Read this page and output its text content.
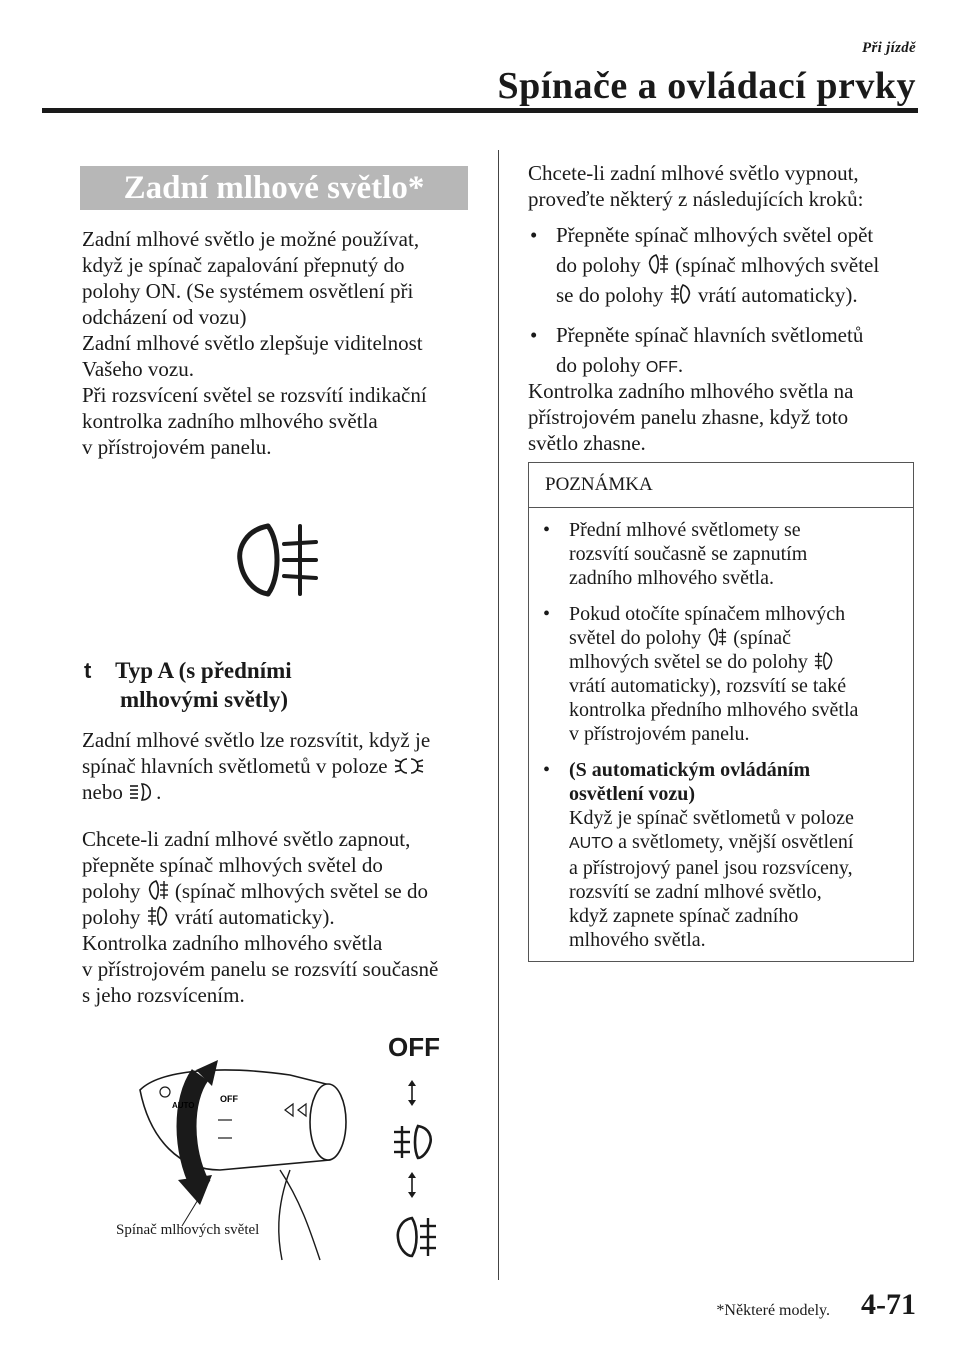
Při jízdě
Spínače a ovládací prvky
Zadní mlhové světlo*
Zadní mlhové světlo je možné používat,
když je spínač zapalování přepnutý do
polohy ON. (Se systémem osvětlení při
odcházení od vozu)
Zadní mlhové světlo zlepšuje viditelnost
Vašeho vozu.
Při rozsvícení světel se rozsvítí indikační
kontrolka zadního mlhového světla
v přístrojovém panelu.
t Typ A (s předními
mlhovými světly)
Zadní mlhové světlo lze rozsvítit, když je
spínač hlavních světlometů v poloze
nebo .
Chcete-li zadní mlhové světlo zapnout,
přepněte spínač mlhových světel do
polohy (spínač mlhových světel se do
polohy vrátí automaticky).
Kontrolka zadního mlhového světla
v přístrojovém panelu se rozsvítí současně
s jeho rozsvícením.
OFF
AUTO
Spínač mlhových světel
OFF
Chcete-li zadní mlhové světlo vypnout,
proveďte některý z následujících kroků:
• Přepněte spínač mlhových světel opět
do polohy (spínač mlhových světel
se do polohy vrátí automaticky).
• Přepněte spínač hlavních světlometů
do polohy OFF.
Kontrolka zadního mlhového světla na
přístrojovém panelu zhasne, když toto
světlo zhasne.
POZNÁMKA
• Přední mlhové světlomety se
rozsvítí současně se zapnutím
zadního mlhového světla.
• Pokud otočíte spínačem mlhových
světel do polohy (spínač
mlhových světel se do polohy
vrátí automaticky), rozsvítí se také
kontrolka předního mlhového světla
v přístrojovém panelu.
• (S automatickým ovládáním
osvětlení vozu)
Když je spínač světlometů v poloze
AUTO a světlomety, vnější osvětlení
a přístrojový panel jsou rozsvíceny,
rozsvítí se zadní mlhové světlo,
když zapnete spínač zadního
mlhového světla.
*Některé modely. 4-71
